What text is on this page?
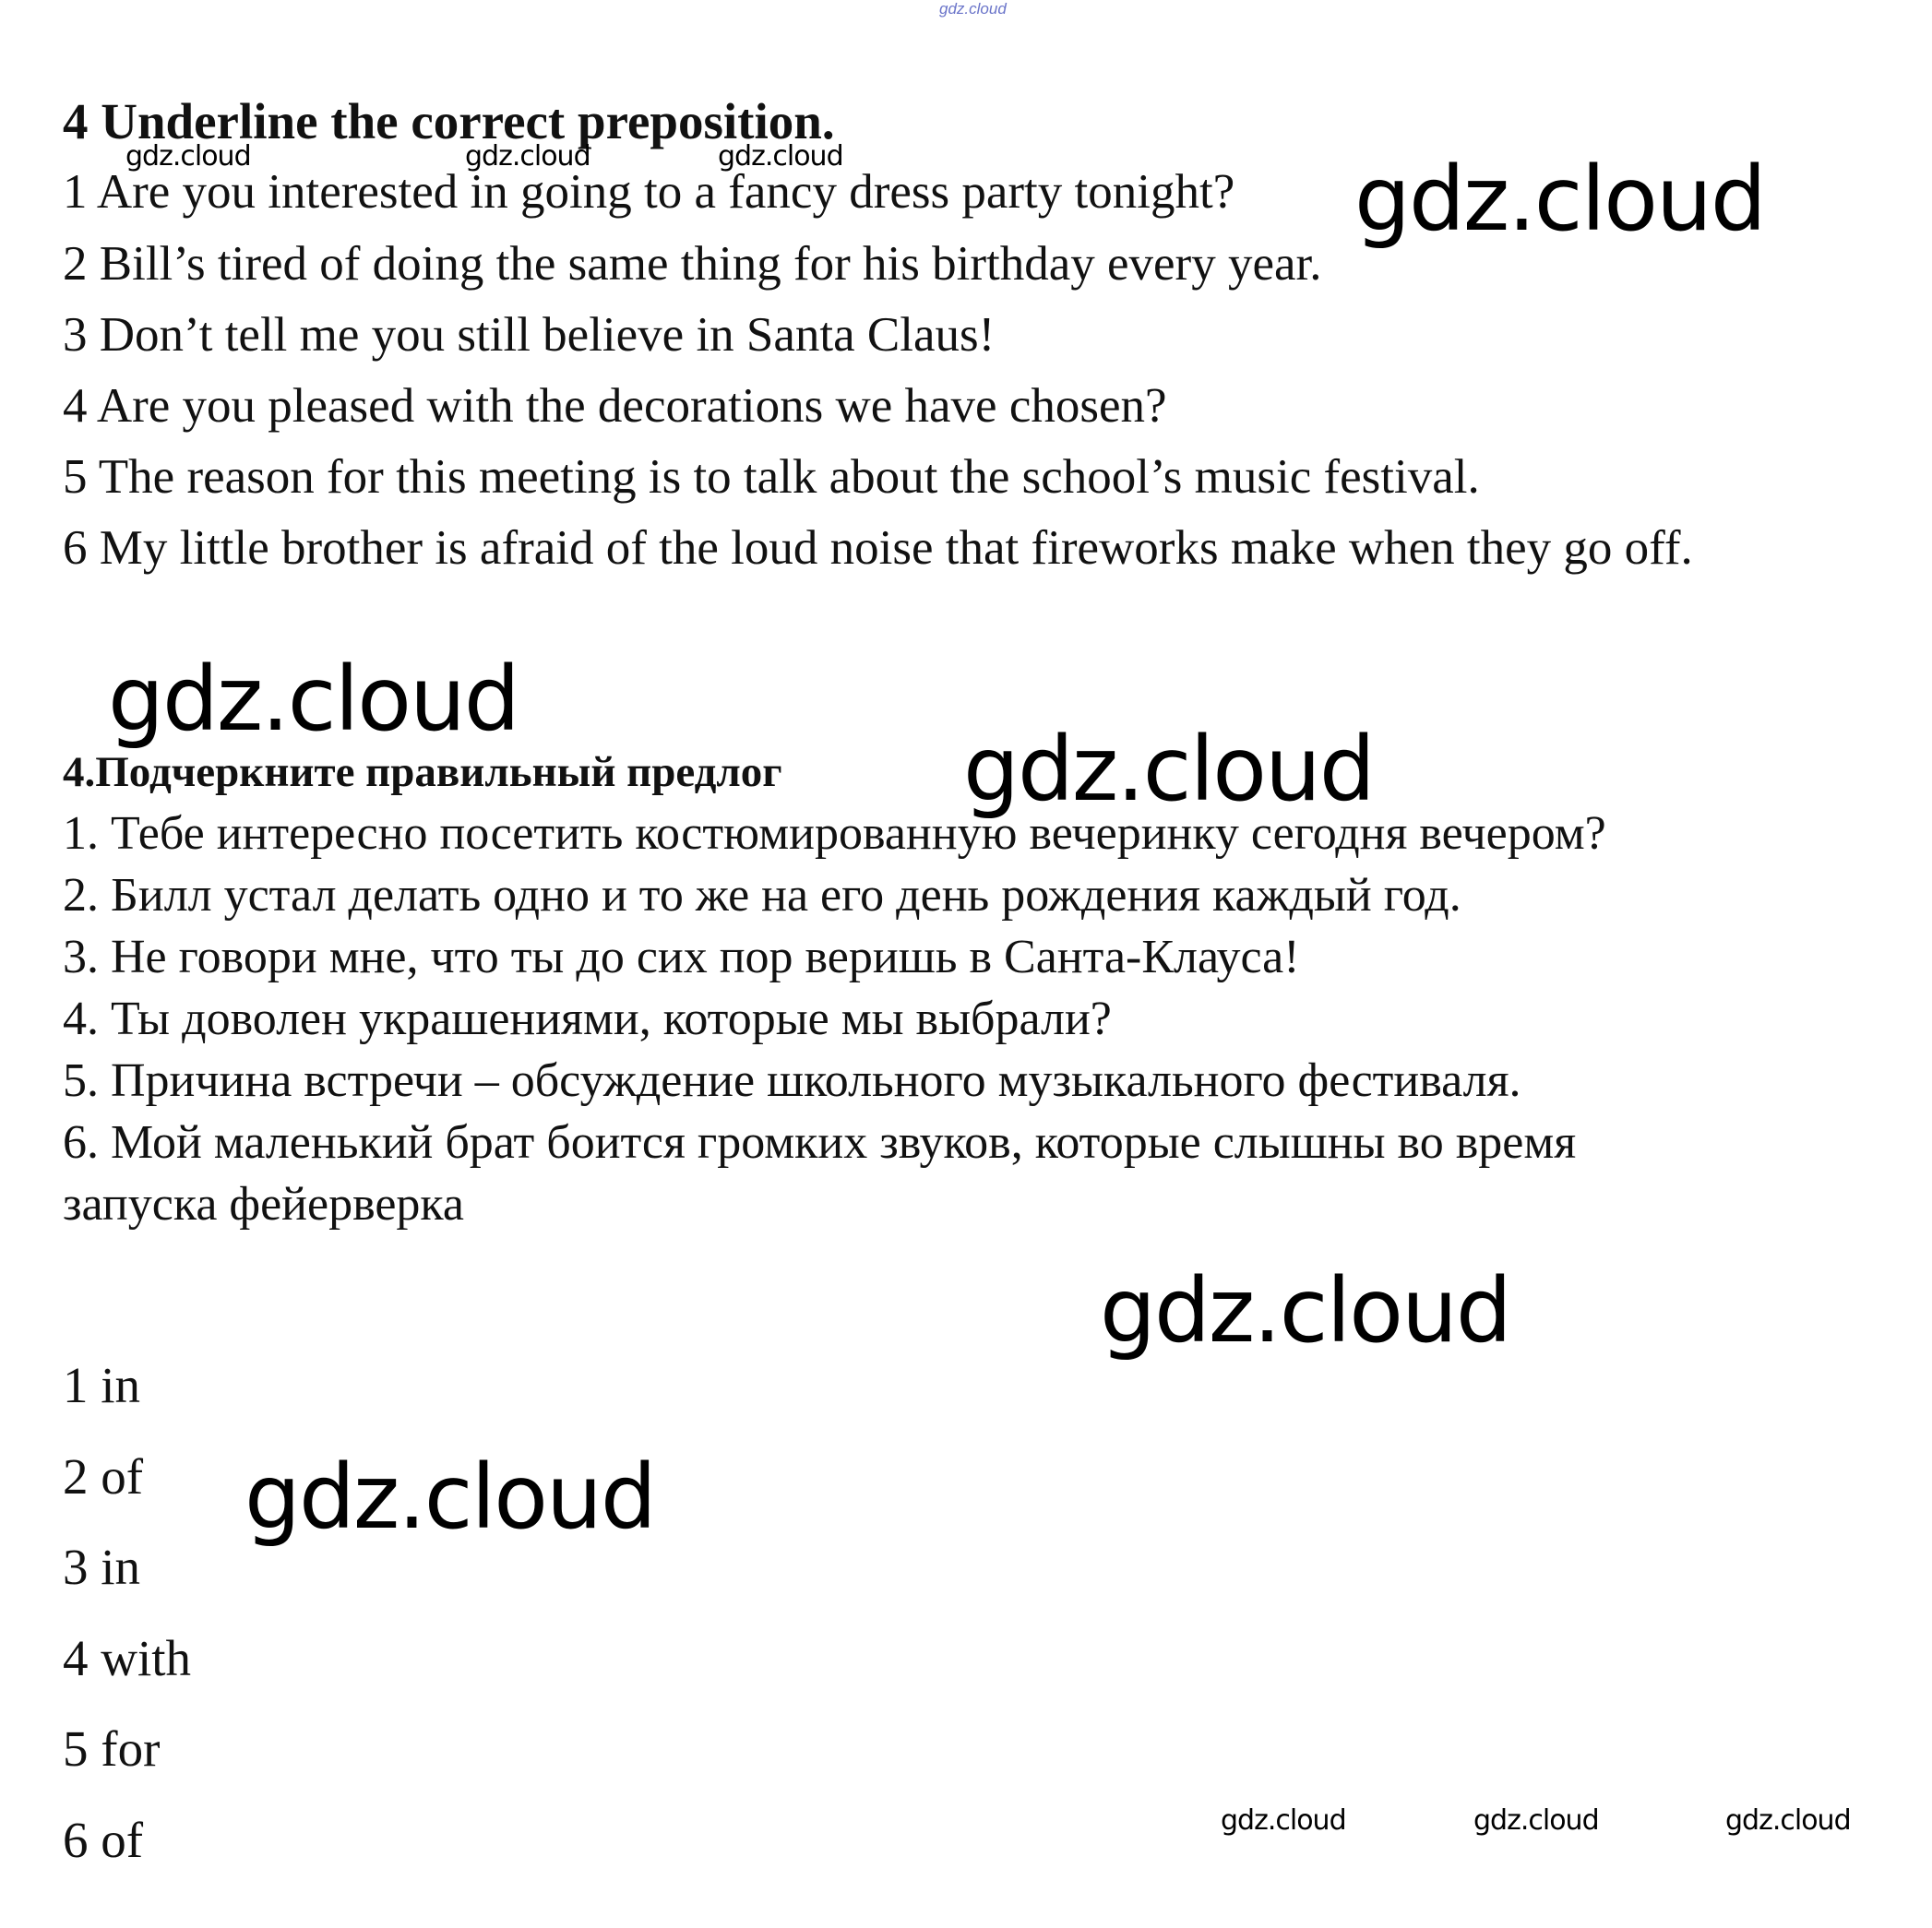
gdz.cloud
4 Underline the correct preposition.
1 Are you interested in going to a fancy dress party tonight?
2 Bill’s tired of doing the same thing for his birthday every year.
3 Don’t tell me you still believe in Santa Claus!
4 Are you pleased with the decorations we have chosen?
5 The reason for this meeting is to talk about the school’s music festival.
6 My little brother is afraid of the loud noise that fireworks make when they go off.
4.Подчеркните правильный предлог
1. Тебе интересно посетить костюмированную вечеринку сегодня вечером?
2. Билл устал делать одно и то же на его день рождения каждый год.
3. Не говори мне, что ты до сих пор веришь в Санта-Клауса!
4. Ты доволен украшениями, которые мы выбрали?
5. Причина встречи – обсуждение школьного музыкального фестиваля.
6. Мой маленький брат боится громких звуков, которые слышны во время
запуска фейерверка
1 in
2 of
3 in
4 with
5 for
6 of
gdz.cloud	gdz.cloud	gdz.cloud
gdz.cloud	gdz.cloud	gdz.cloud
gdz.cloud
gdz.cloud
gdz.cloud
gdz.cloud
gdz.cloud
